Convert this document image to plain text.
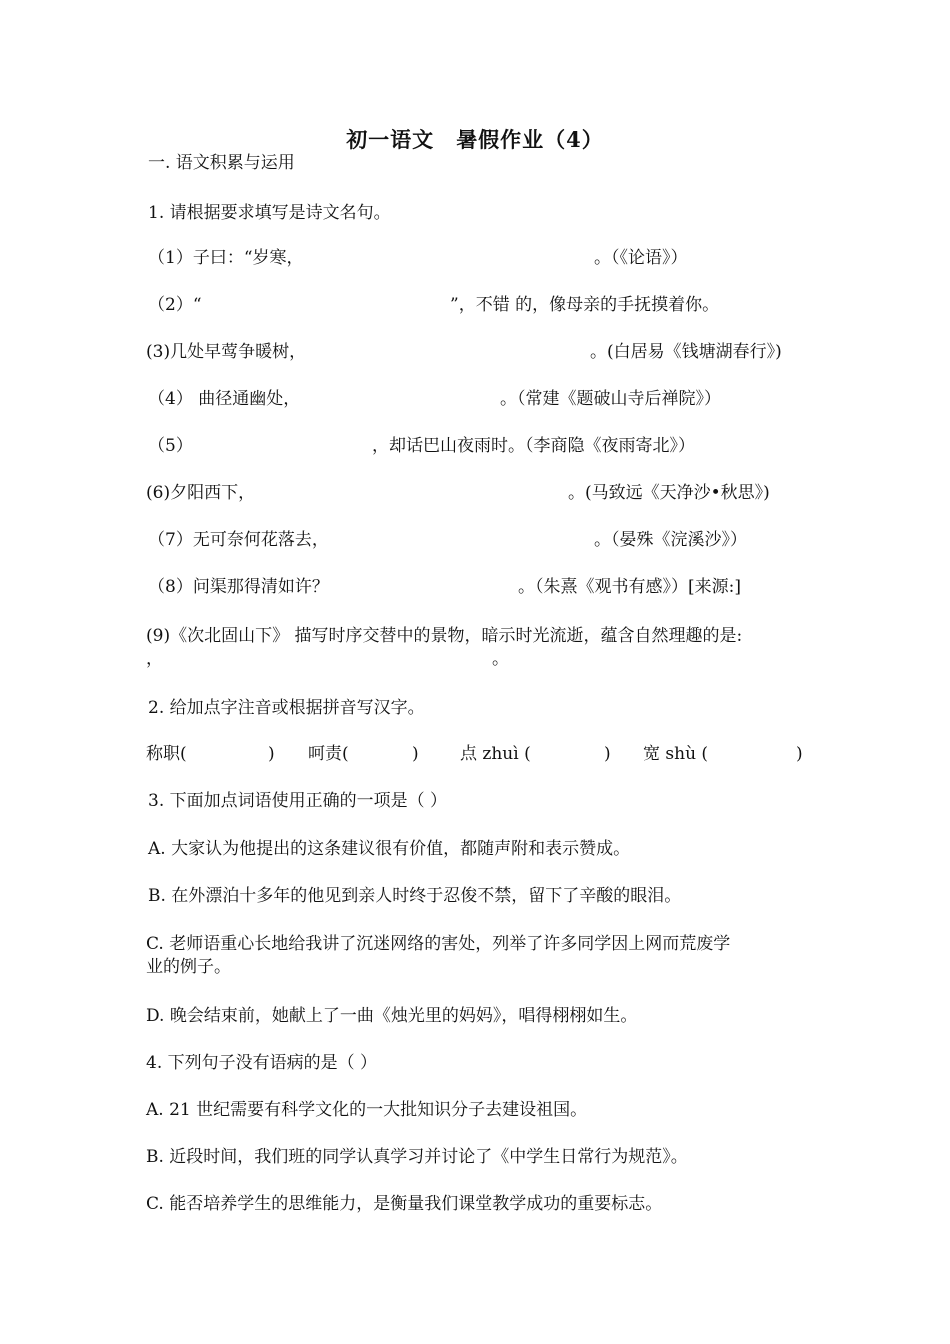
初一语文 暑假作业（4）
一. 语文积累与运用
1. 请根据要求填写是诗文名句。
（1）子曰：“岁寒，	。（《论语》）
（2）“	”，不错 的，像母亲的手抚摸着你。
(3)几处早莺争暖树，	。(白居易《钱塘湖春行》)
（4） 曲径通幽处，	。（常建《题破山寺后禅院》）
（5）	，却话巴山夜雨时。（李商隐《夜雨寄北》）
(6)夕阳西下，	。(马致远《天净沙•秋思》)
（7）无可奈何花落去，	。（晏殊《浣溪沙》）
（8）问渠那得清如许？	。（朱熹《观书有感》）[来源:]
(9)《次北固山下》 描写时序交替中的景物，暗示时光流逝，蕴含自然理趣的是:
，	。
2. 给加点字注音或根据拼音写汉字。
称职(	) 呵责(	) 点 zhuì (	) 宽 shù (	)
3. 下面加点词语使用正确的一项是（ ）
A. 大家认为他提出的这条建议很有价值，都随声附和表示赞成。
B. 在外漂泊十多年的他见到亲人时终于忍俊不禁，留下了辛酸的眼泪。
C. 老师语重心长地给我讲了沉迷网络的害处，列举了许多同学因上网而荒废学
业的例子。
D. 晚会结束前，她献上了一曲《烛光里的妈妈》，唱得栩栩如生。
4. 下列句子没有语病的是（ ）
A. 21 世纪需要有科学文化的一大批知识分子去建设祖国。
B. 近段时间，我们班的同学认真学习并讨论了《中学生日常行为规范》。
C. 能否培养学生的思维能力，是衡量我们课堂教学成功的重要标志。
